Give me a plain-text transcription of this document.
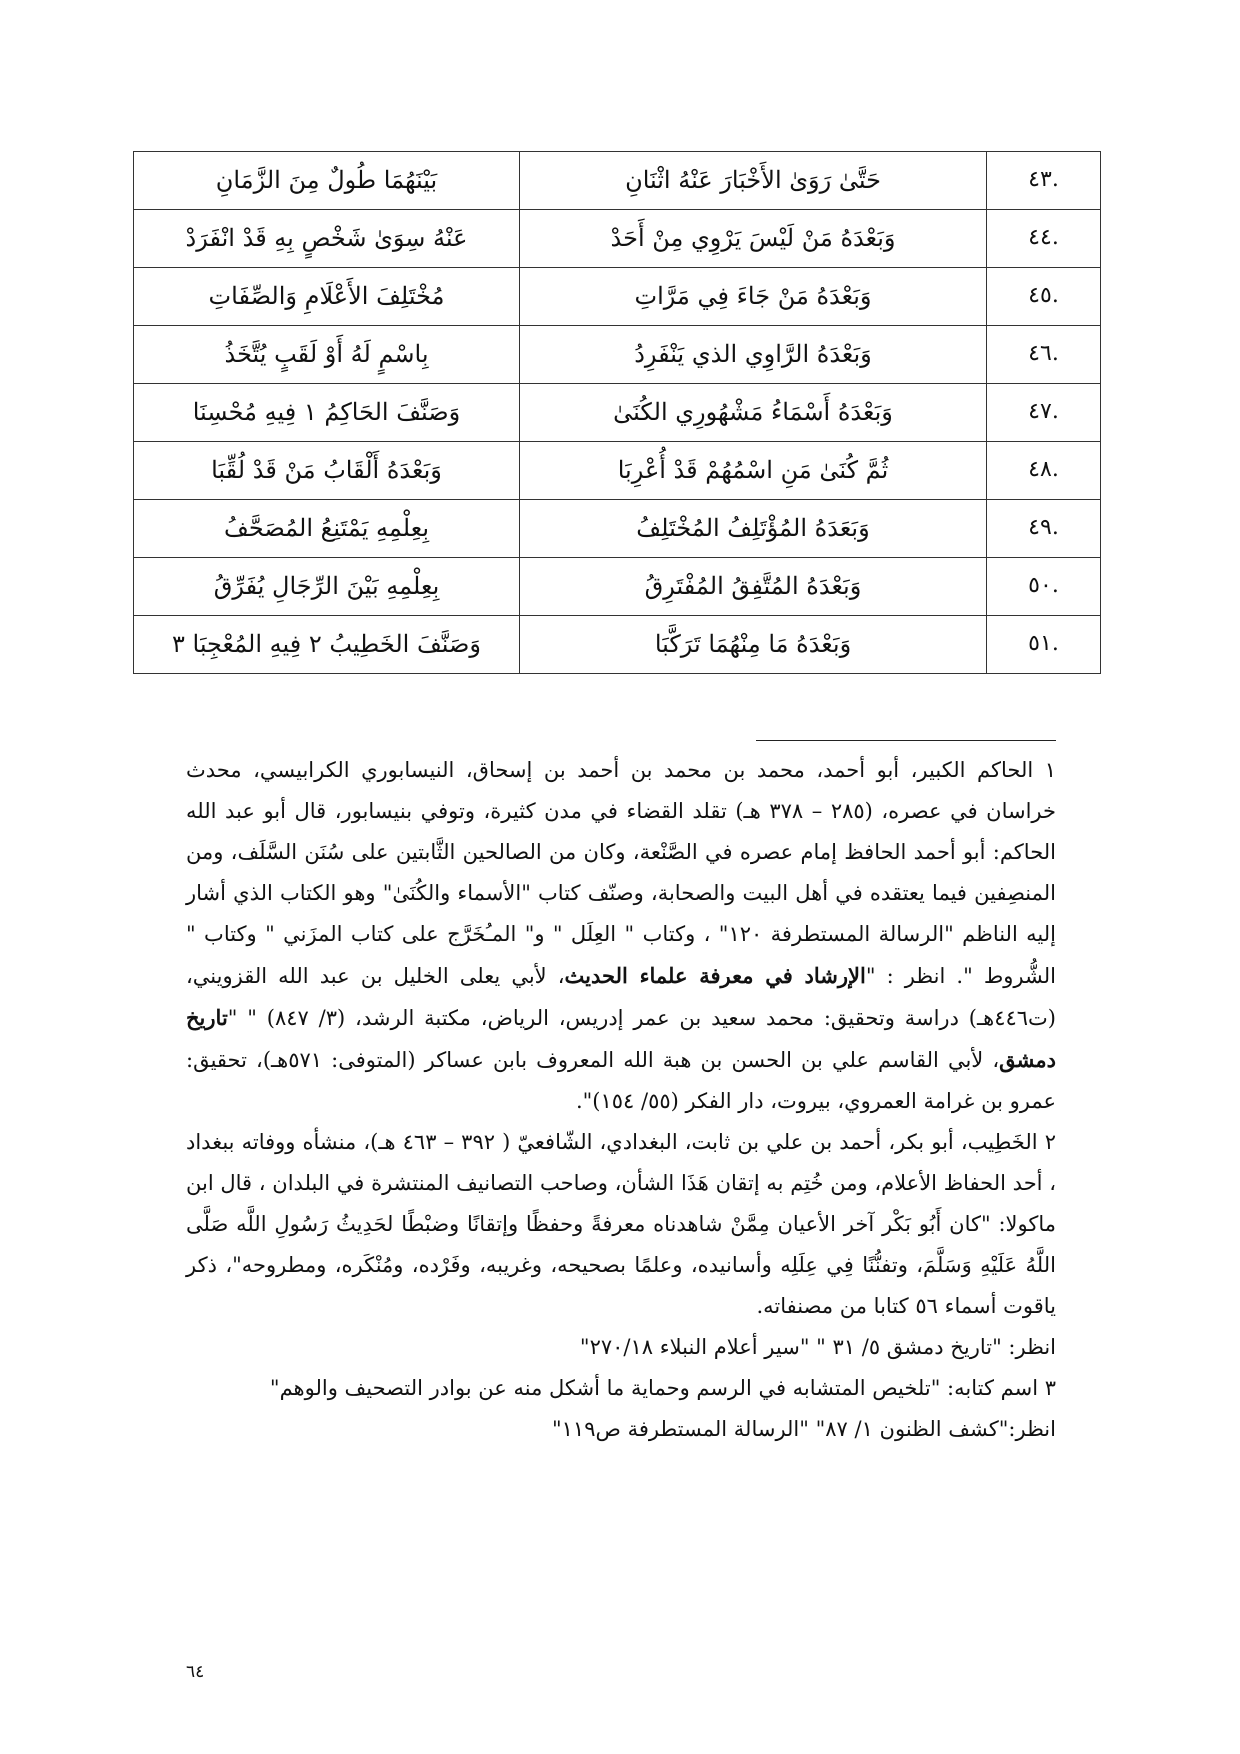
.٤٣	حَتَّىٰ رَوَىٰ الأَخْبَارَ عَنْهُ اثْنَانِ	بَيْنَهُمَا طُولٌ مِنَ الزَّمَانِ
.٤٤	وَبَعْدَهُ مَنْ لَيْسَ يَرْوِي مِنْ أَحَدْ	عَنْهُ سِوَىٰ شَخْصٍ بِهِ قَدْ انْفَرَدْ
.٤٥	وَبَعْدَهُ مَنْ جَاءَ فِي مَرَّاتِ	مُخْتَلِفَ الأَعْلَامِ وَالصِّفَاتِ
.٤٦	وَبَعْدَهُ الرَّاوِي الذي يَنْفَرِدُ	بِاسْمٍ لَهُ أَوْ لَقَبٍ يُتَّخَذُ
.٤٧	وَبَعْدَهُ أَسْمَاءُ مَشْهُورِي الكُنَىٰ	وَصَنَّفَ الحَاكِمُ ١ فِيهِ مُحْسِنَا
.٤٨	ثُمَّ كُنَىٰ مَنِ اسْمُهُمْ قَدْ أُعْرِبَا	وَبَعْدَهُ أَلْقَابُ مَنْ قَدْ لُقِّبَا
.٤٩	وَبَعَدَهُ المُؤْتَلِفُ المُخْتَلِفُ	بِعِلْمِهِ يَمْتَنِعُ المُصَحَّفُ
.٥٠	وَبَعْدَهُ المُتَّفِقُ المُفْتَرِقُ	بِعِلْمِهِ بَيْنَ الرِّجَالِ يُفَرِّقُ
.٥١	وَبَعْدَهُ مَا مِنْهُمَا تَرَكَّبَا	وَصَنَّفَ الخَطِيبُ ٢ فِيهِ المُعْجِبَا ٣

١ الحاكم الكبير، أبو أحمد، محمد بن محمد بن أحمد بن إسحاق، النيسابوري الكرابيسي، محدث خراسان في عصره، (٢٨٥ – ٣٧٨ هـ) تقلد القضاء في مدن كثيرة، وتوفي بنيسابور، قال أبو عبد الله الحاكم: أبو أحمد الحافظ إمام عصره في الصَّنْعة، وكان من الصالحين الثَّابتين على سُنَن السَّلَف، ومن المنصِفين فيما يعتقده في أهل البيت والصحابة، وصنّف كتاب "الأسماء والكُنَىٰ" وهو الكتاب الذي أشار إليه الناظم "الرسالة المستطرفة ١٢٠" ، وكتاب " العِلَل " و" المـُخَرَّج على كتاب المزَني " وكتاب " الشُّروط ". انظر : "الإرشاد في معرفة علماء الحديث، لأبي يعلى الخليل بن عبد الله القزويني، (ت٤٤٦هـ) دراسة وتحقيق: محمد سعيد بن عمر إدريس، الرياض، مكتبة الرشد، (٣/ ٨٤٧) " "تاريخ دمشق، لأبي القاسم علي بن الحسن بن هبة الله المعروف بابن عساكر (المتوفى: ٥٧١هـ)، تحقيق: عمرو بن غرامة العمروي، بيروت، دار الفكر (٥٥/ ١٥٤)".

٢ الخَطِيب، أبو بكر، أحمد بن علي بن ثابت، البغدادي، الشّافعيّ ( ٣٩٢ – ٤٦٣ هـ)، منشأه ووفاته ببغداد ، أحد الحفاظ الأعلام، ومن خُتِم به إتقان هَذَا الشأن، وصاحب التصانيف المنتشرة في البلدان ، قال ابن ماكولا: "كان أَبُو بَكْر آخر الأعيان مِمَّنْ شاهدناه معرفةً وحفظًا وإتقانًا وضبْطًا لحَدِيثُ رَسُولِ اللَّه صَلَّى اللَّهُ عَلَيْهِ وَسَلَّمَ، وتفنُّنًا فِي عِلَلِه وأسانيده، وعلمًا بصحيحه، وغريبه، وفَرْده، ومُنْكَره، ومطروحه"، ذكر ياقوت أسماء ٥٦ كتابا من مصنفاته.

انظر: "تاريخ دمشق ٥/ ٣١ " "سير أعلام النبلاء ٢٧٠/١٨"

٣ اسم كتابه: "تلخيص المتشابه في الرسم وحماية ما أشكل منه عن بوادر التصحيف والوهم"

انظر:"كشف الظنون ١/ ٨٧" "الرسالة المستطرفة ص١١٩"

٦٤
